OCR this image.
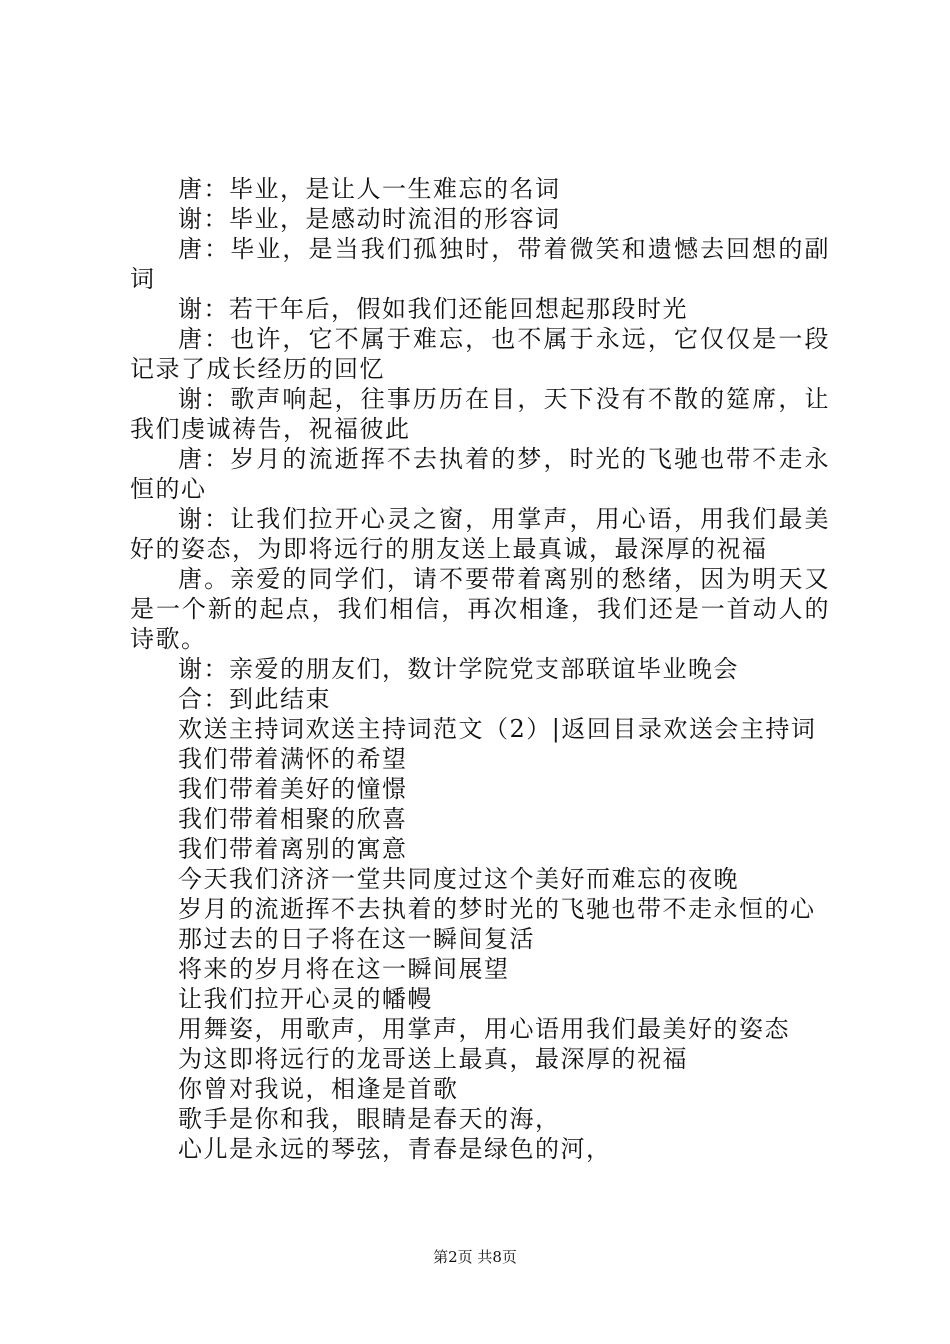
唐：毕业，是让人一生难忘的名词

谢：毕业，是感动时流泪的形容词

唐：毕业，是当我们孤独时，带着微笑和遗憾去回想的副词

谢：若干年后，假如我们还能回想起那段时光

唐：也许，它不属于难忘，也不属于永远，它仅仅是一段记录了成长经历的回忆

谢：歌声响起，往事历历在目，天下没有不散的筵席，让我们虔诚祷告，祝福彼此

唐：岁月的流逝挥不去执着的梦，时光的飞驰也带不走永恒的心

谢：让我们拉开心灵之窗，用掌声，用心语，用我们最美好的姿态，为即将远行的朋友送上最真诚，最深厚的祝福

唐。亲爱的同学们，请不要带着离别的愁绪，因为明天又是一个新的起点，我们相信，再次相逢，我们还是一首动人的诗歌。

谢：亲爱的朋友们，数计学院党支部联谊毕业晚会

合：到此结束

欢送主持词欢送主持词范文（2）|返回目录欢送会主持词

我们带着满怀的希望

我们带着美好的憧憬

我们带着相聚的欣喜

我们带着离别的寓意

今天我们济济一堂共同度过这个美好而难忘的夜晚

岁月的流逝挥不去执着的梦时光的飞驰也带不走永恒的心

那过去的日子将在这一瞬间复活

将来的岁月将在这一瞬间展望

让我们拉开心灵的幡幔

用舞姿，用歌声，用掌声，用心语用我们最美好的姿态

为这即将远行的龙哥送上最真，最深厚的祝福

你曾对我说，相逢是首歌

歌手是你和我，眼睛是春天的海，

心儿是永远的琴弦，青春是绿色的河，

第2页 共8页
